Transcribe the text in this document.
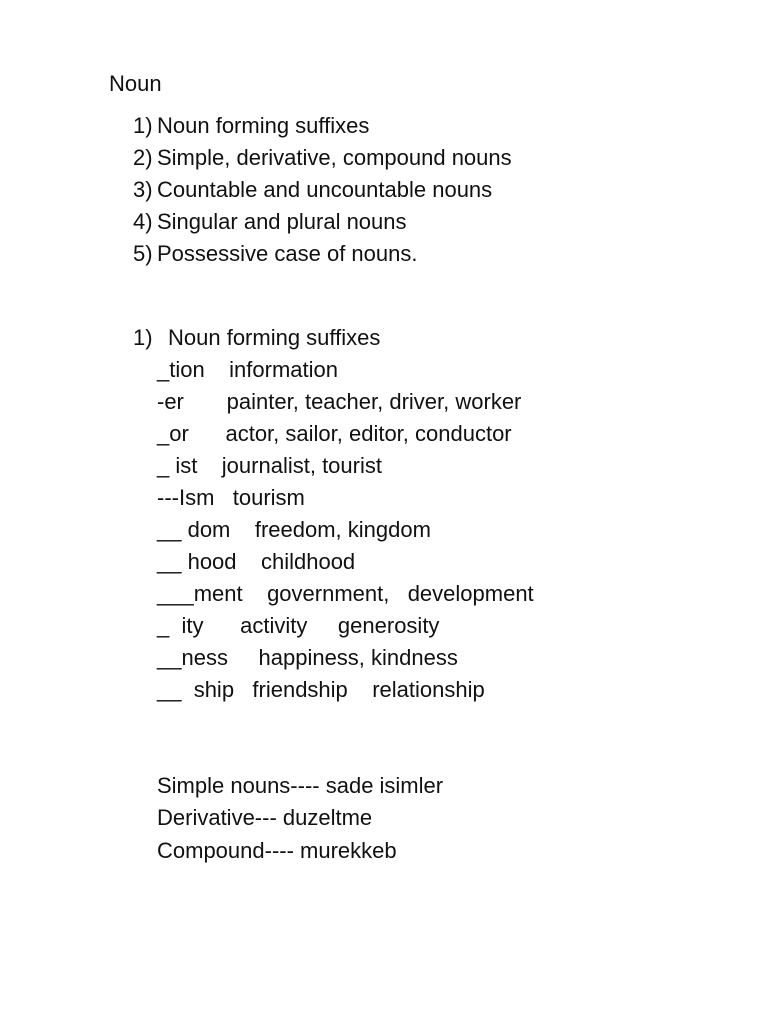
Noun

1) Noun forming suffixes

2) Simple, derivative, compound nouns

3) Countable and uncountable nouns

4) Singular and plural nouns

5) Possessive case of nouns.

1) Noun forming suffixes

_tion    information

-er       painter, teacher, driver, worker

_or      actor, sailor, editor, conductor

_ ist    journalist, tourist

---Ism   tourism

__ dom    freedom, kingdom

__ hood    childhood

___ment    government,   development

_  ity      activity     generosity

__ness     happiness, kindness

__  ship   friendship    relationship

Simple nouns---- sade isimler

Derivative--- duzeltme

Compound---- murekkeb
